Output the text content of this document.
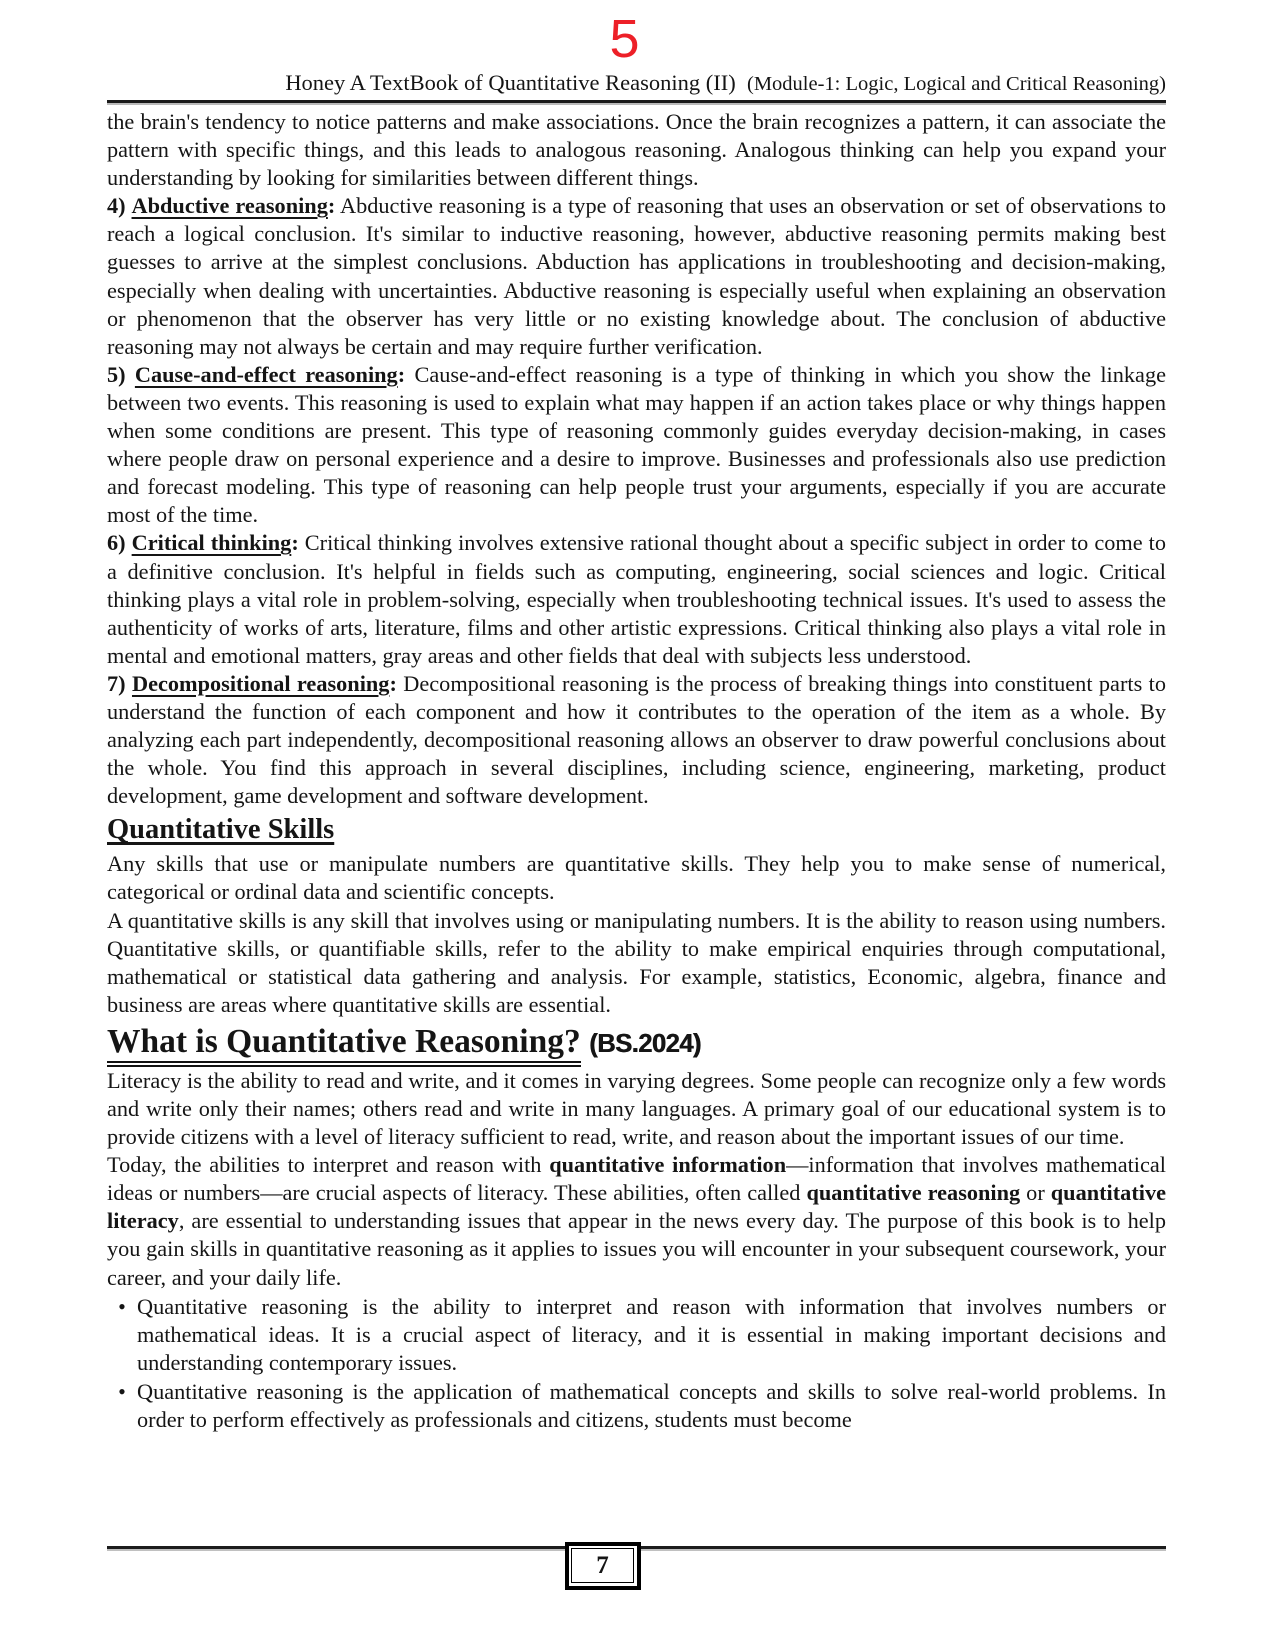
5
Honey A TextBook of Quantitative Reasoning (II) (Module-1: Logic, Logical and Critical Reasoning)

the brain's tendency to notice patterns and make associations. Once the brain recognizes a pattern, it can associate the pattern with specific things, and this leads to analogous reasoning. Analogous thinking can help you expand your understanding by looking for similarities between different things.

4) Abductive reasoning: Abductive reasoning is a type of reasoning that uses an observation or set of observations to reach a logical conclusion. It's similar to inductive reasoning, however, abductive reasoning permits making best guesses to arrive at the simplest conclusions. Abduction has applications in troubleshooting and decision-making, especially when dealing with uncertainties. Abductive reasoning is especially useful when explaining an observation or phenomenon that the observer has very little or no existing knowledge about. The conclusion of abductive reasoning may not always be certain and may require further verification.

5) Cause-and-effect reasoning: Cause-and-effect reasoning is a type of thinking in which you show the linkage between two events. This reasoning is used to explain what may happen if an action takes place or why things happen when some conditions are present. This type of reasoning commonly guides everyday decision-making, in cases where people draw on personal experience and a desire to improve. Businesses and professionals also use prediction and forecast modeling. This type of reasoning can help people trust your arguments, especially if you are accurate most of the time.

6) Critical thinking: Critical thinking involves extensive rational thought about a specific subject in order to come to a definitive conclusion. It's helpful in fields such as computing, engineering, social sciences and logic. Critical thinking plays a vital role in problem-solving, especially when troubleshooting technical issues. It's used to assess the authenticity of works of arts, literature, films and other artistic expressions. Critical thinking also plays a vital role in mental and emotional matters, gray areas and other fields that deal with subjects less understood.

7) Decompositional reasoning: Decompositional reasoning is the process of breaking things into constituent parts to understand the function of each component and how it contributes to the operation of the item as a whole. By analyzing each part independently, decompositional reasoning allows an observer to draw powerful conclusions about the whole. You find this approach in several disciplines, including science, engineering, marketing, product development, game development and software development.

Quantitative Skills

Any skills that use or manipulate numbers are quantitative skills. They help you to make sense of numerical, categorical or ordinal data and scientific concepts.

A quantitative skills is any skill that involves using or manipulating numbers. It is the ability to reason using numbers. Quantitative skills, or quantifiable skills, refer to the ability to make empirical enquiries through computational, mathematical or statistical data gathering and analysis. For example, statistics, Economic, algebra, finance and business are areas where quantitative skills are essential.

What is Quantitative Reasoning? (BS.2024)

Literacy is the ability to read and write, and it comes in varying degrees. Some people can recognize only a few words and write only their names; others read and write in many languages. A primary goal of our educational system is to provide citizens with a level of literacy sufficient to read, write, and reason about the important issues of our time.

Today, the abilities to interpret and reason with quantitative information—information that involves mathematical ideas or numbers—are crucial aspects of literacy. These abilities, often called quantitative reasoning or quantitative literacy, are essential to understanding issues that appear in the news every day. The purpose of this book is to help you gain skills in quantitative reasoning as it applies to issues you will encounter in your subsequent coursework, your career, and your daily life.

• Quantitative reasoning is the ability to interpret and reason with information that involves numbers or mathematical ideas. It is a crucial aspect of literacy, and it is essential in making important decisions and understanding contemporary issues.
• Quantitative reasoning is the application of mathematical concepts and skills to solve real-world problems. In order to perform effectively as professionals and citizens, students must become
7
